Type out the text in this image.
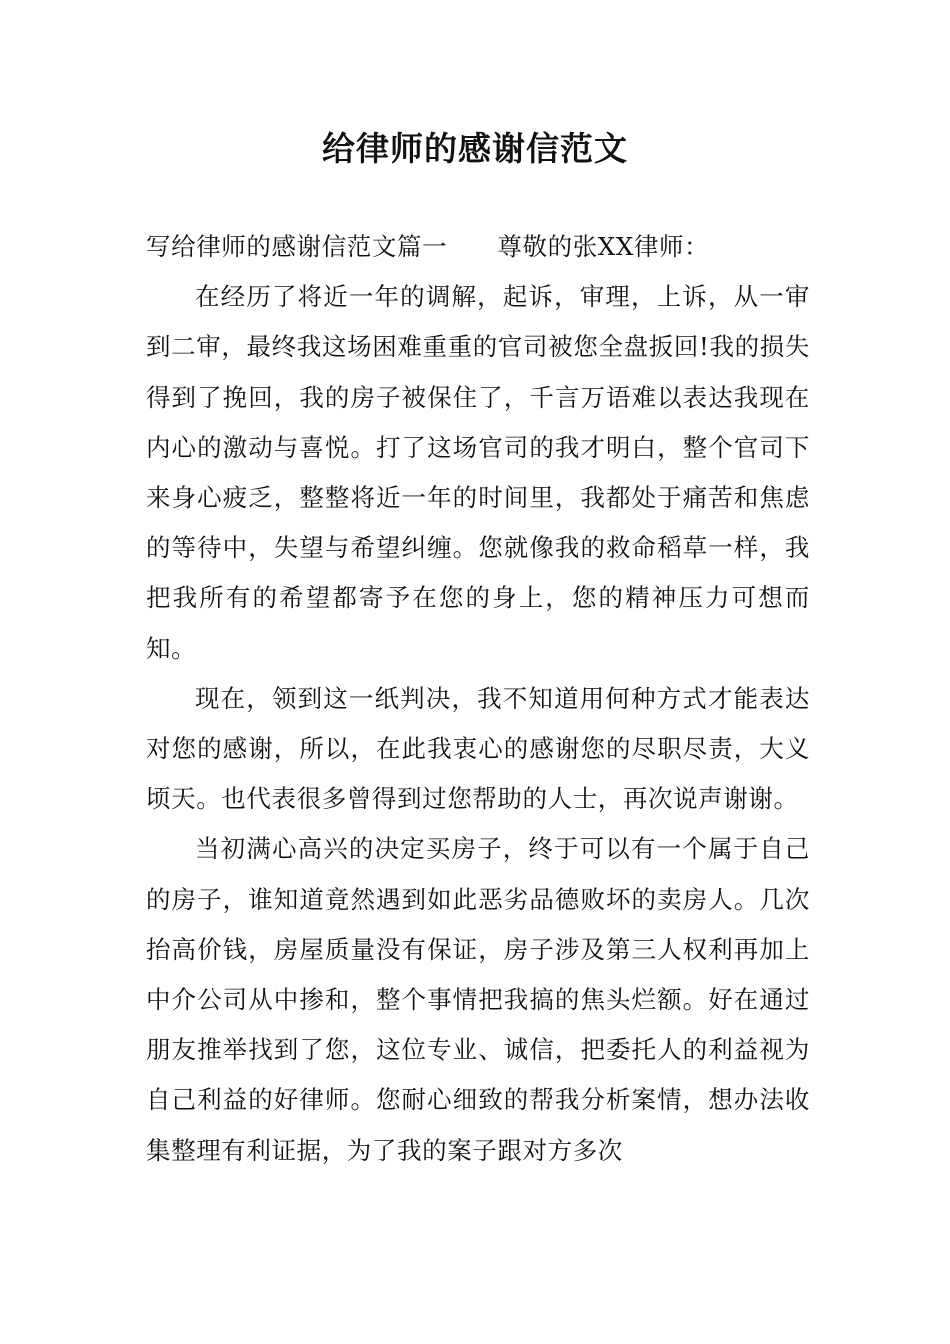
给律师的感谢信范文

写给律师的感谢信范文篇一　　尊敬的张XX律师：

在经历了将近一年的调解，起诉，审理，上诉，从一审到二审，最终我这场困难重重的官司被您全盘扳回!我的损失得到了挽回，我的房子被保住了，千言万语难以表达我现在内心的激动与喜悦。打了这场官司的我才明白，整个官司下来身心疲乏，整整将近一年的时间里，我都处于痛苦和焦虑的等待中，失望与希望纠缠。您就像我的救命稻草一样，我把我所有的希望都寄予在您的身上，您的精神压力可想而知。

现在，领到这一纸判决，我不知道用何种方式才能表达对您的感谢，所以，在此我衷心的感谢您的尽职尽责，大义顷天。也代表很多曾得到过您帮助的人士，再次说声谢谢。

当初满心高兴的决定买房子，终于可以有一个属于自己的房子，谁知道竟然遇到如此恶劣品德败坏的卖房人。几次抬高价钱，房屋质量没有保证，房子涉及第三人权利再加上中介公司从中掺和，整个事情把我搞的焦头烂额。好在通过朋友推举找到了您，这位专业、诚信，把委托人的利益视为自己利益的好律师。您耐心细致的帮我分析案情，想办法收集整理有利证据，为了我的案子跟对方多次
